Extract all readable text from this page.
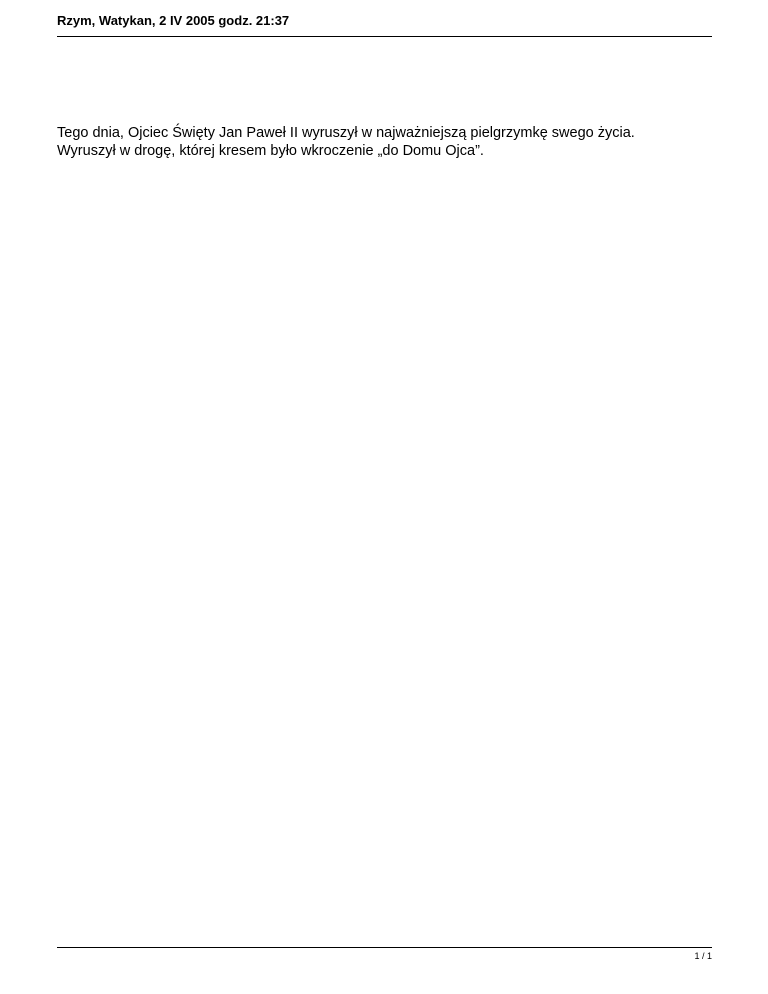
Rzym, Watykan, 2 IV 2005 godz. 21:37
Tego dnia, Ojciec Święty Jan Paweł II wyruszył w najważniejszą pielgrzymkę swego życia.
Wyruszył w drogę, której kresem było wkroczenie „do Domu Ojca”.
1 / 1
